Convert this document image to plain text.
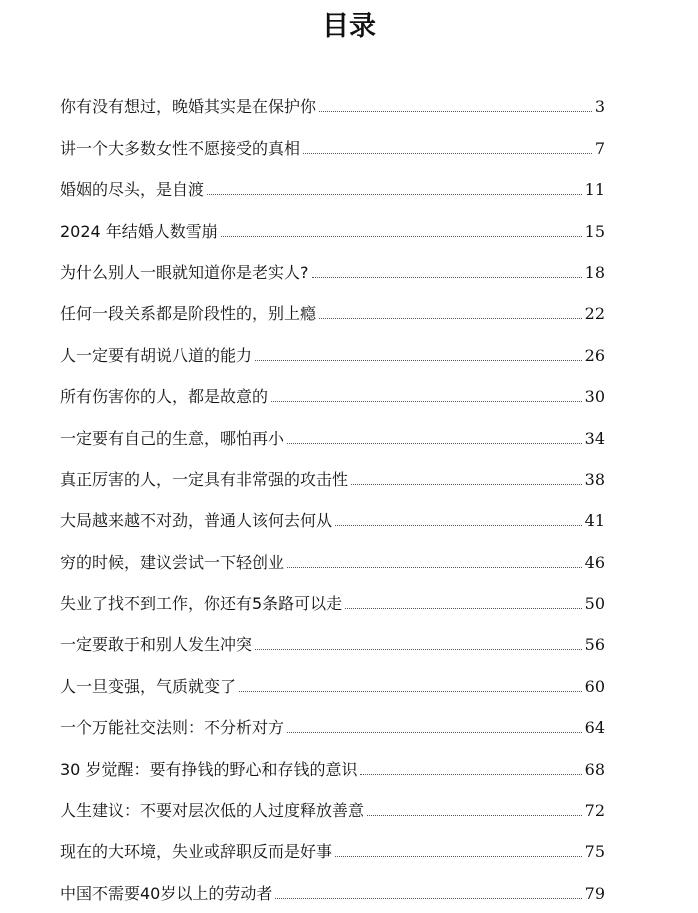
目录
你有没有想过，晚婚其实是在保护你	3
讲一个大多数女性不愿接受的真相	7
婚姻的尽头，是自渡	11
2024 年结婚人数雪崩	15
为什么别人一眼就知道你是老实人?	18
任何一段关系都是阶段性的，别上瘾	22
人一定要有胡说八道的能力	26
所有伤害你的人，都是故意的	30
一定要有自己的生意，哪怕再小	34
真正厉害的人，一定具有非常强的攻击性	38
大局越来越不对劲，普通人该何去何从	41
穷的时候，建议尝试一下轻创业	46
失业了找不到工作，你还有5条路可以走	50
一定要敢于和别人发生冲突	56
人一旦变强，气质就变了	60
一个万能社交法则：不分析对方	64
30 岁觉醒：要有挣钱的野心和存钱的意识	68
人生建议：不要对层次低的人过度释放善意	72
现在的大环境，失业或辞职反而是好事	75
中国不需要40岁以上的劳动者	79
